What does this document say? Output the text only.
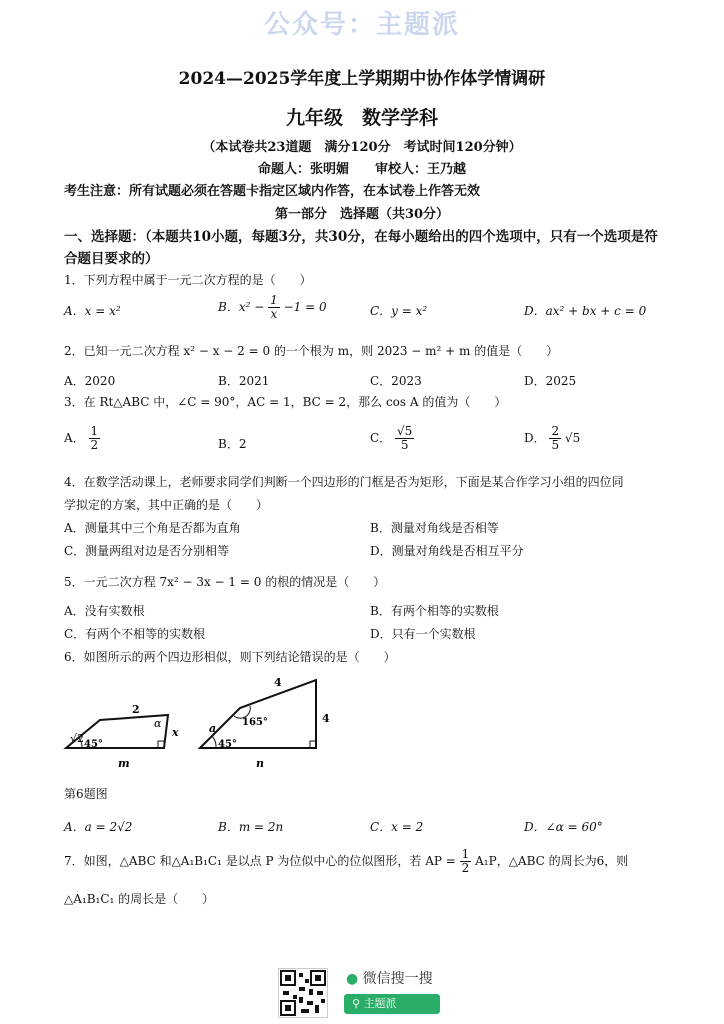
公众号：主题派
2024—2025学年度上学期期中协作体学情调研
九年级　数学学科
（本试卷共23道题　满分120分　考试时间120分钟）
命题人：张明媚　　审校人：王乃越
考生注意：所有试题必须在答题卡指定区域内作答，在本试卷上作答无效
第一部分　选择题（共30分）
一、选择题：（本题共10小题，每题3分，共30分，在每小题给出的四个选项中，只有一个选项是符合题目要求的）
1．下列方程中属于一元二次方程的是（　　）
A．x = x²	B．$x^2 - \frac{1}{x} -1 = 0$	C．y = x²	D．ax² + bx + c = 0
2．已知一元二次方程 x² − x − 2 = 0 的一个根为 m，则 2023 − m² + m 的值是（　　）
A．2020	B．2021	C．2023	D．2025
3．在 Rt△ABC 中，∠C = 90°，AC = 1，BC = 2，那么 cos A 的值为（　　）
A． $\frac{1}{2}$	B．2	C． $\frac{√5}{5}$	D． $\frac{2}{5} √5$
4．在数学活动课上，老师要求同学们判断一个四边形的门框是否为矩形，下面是某合作学习小组的四位同
学拟定的方案，其中正确的是（　　）
A．测量其中三个角是否都为直角	B．测量对角线是否相等
C．测量两组对边是否分别相等	D．测量对角线是否相互平分
5．一元二次方程 7x² − 3x − 1 = 0 的根的情况是（　　）
A．没有实数根	B．有两个相等的实数根
C．有两个不相等的实数根	D．只有一个实数根
6．如图所示的两个四边形相似，则下列结论错误的是（　　）
√2
2
x
m
45°
α	a
4
4
n
45°
165°
第6题图
A．a = 2√2	B．m = 2n	C．x = 2	D．∠α = 60°
7．如图，△ABC 和△A₁B₁C₁ 是以点 P 为位似中心的位似图形，若 AP = $\frac{1}{2} A_1P$，△ABC 的周长为6，则
△A₁B₁C₁ 的周长是（　　）
● 微信搜一搜
⚲ 主题派
